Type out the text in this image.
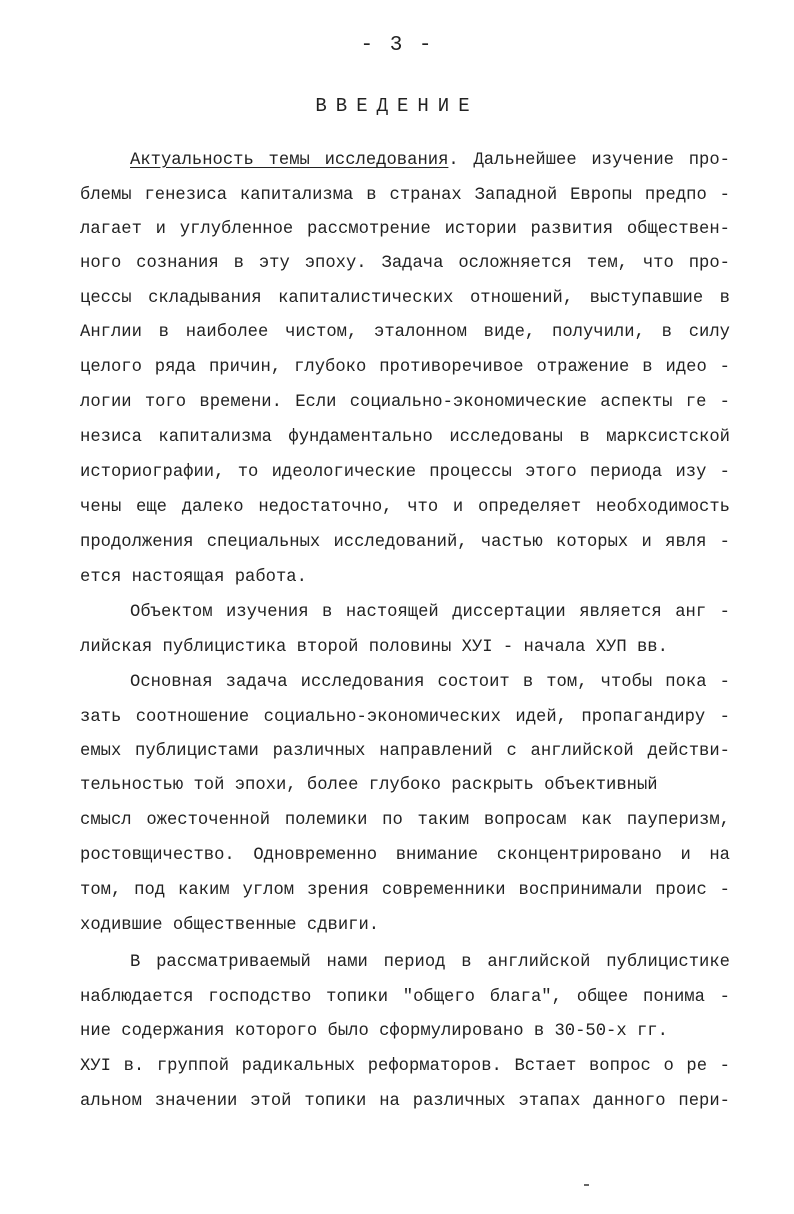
- 3 -
ВВЕДЕНИЕ
Актуальность темы исследования. Дальнейшее изучение про-
блемы генезиса капитализма в странах Западной Европы предпо -
лагает и углубленное рассмотрение истории развития обществен-
ного сознания в эту эпоху. Задача осложняется тем, что про-
цессы складывания капиталистических отношений, выступавшие в
Англии в наиболее чистом, эталонном виде, получили, в силу
целого ряда причин, глубоко противоречивое отражение в идео -
логии того времени. Если социально-экономические аспекты ге -
незиса капитализма фундаментально исследованы в марксистской
историографии, то идеологические процессы этого периода изу -
чены еще далеко недостаточно, что и определяет необходимость
продолжения специальных исследований, частью которых и явля -
ется настоящая работа.
Объектом изучения в настоящей диссертации является анг -
лийская публицистика второй половины ХУI - начала ХУП вв.
Основная задача исследования состоит в том, чтобы пока -
зать соотношение социально-экономических идей, пропагандиру -
емых публицистами различных направлений с английской действи-
тельностью той эпохи, более глубоко раскрыть объективный
смысл ожесточенной полемики по таким вопросам как пауперизм,
ростовщичество. Одновременно внимание сконцентрировано и на
том, под каким углом зрения современники воспринимали проис -
ходившие общественные сдвиги.
В рассматриваемый нами период в английской публицистике
наблюдается господство топики "общего блага", общее понима -
ние содержания которого было сформулировано в 30-50-х гг.
ХУI в. группой радикальных реформаторов. Встает вопрос о ре -
альном значении этой топики на различных этапах данного пери-
